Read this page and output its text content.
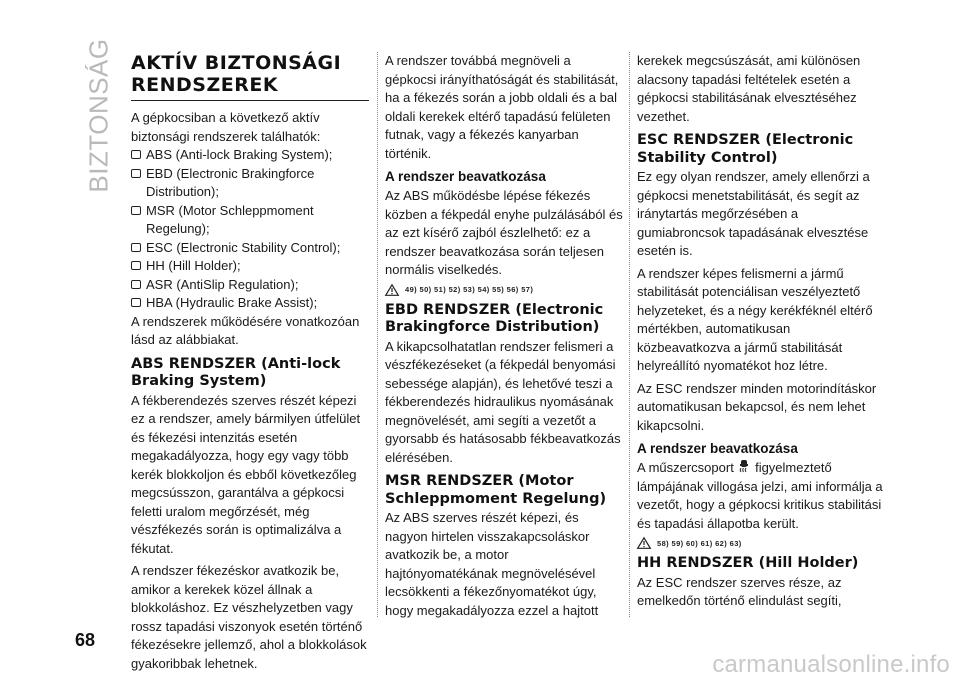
BIZTONSÁG AKTÍV BIZTONSÁGI RENDSZEREK

A gépkocsiban a következő aktív biztonsági rendszerek találhatók:

ABS (Anti-lock Braking System);

EBD (Electronic Brakingforce Distribution);

MSR (Motor Schleppmoment Regelung);

ESC (Electronic Stability Control);

HH (Hill Holder);

ASR (AntiSlip Regulation);

HBA (Hydraulic Brake Assist);

A rendszerek működésére vonatkozóan lásd az alábbiakat.

ABS RENDSZER (Anti-lock Braking System)

A fékberendezés szerves részét képezi ez a rendszer, amely bármilyen útfelület és fékezési intenzitás esetén megakadályozza, hogy egy vagy több kerék blokkoljon és ebből következőleg megcsússzon, garantálva a gépkocsi feletti uralom megőrzését, még vészfékezés során is optimalizálva a fékutat.

A rendszer fékezéskor avatkozik be, amikor a kerekek közel állnak a blokkoláshoz. Ez vészhelyzetben vagy rossz tapadási viszonyok esetén történő fékezésekre jellemző, ahol a blokkolások gyakoribbak lehetnek.

A rendszer továbbá megnöveli a gépkocsi irányíthatóságát és stabilitását, ha a fékezés során a jobb oldali és a bal oldali kerekek eltérő tapadású felületen futnak, vagy a fékezés kanyarban történik.

A rendszer beavatkozása

Az ABS működésbe lépése fékezés közben a fékpedál enyhe pulzálásából és az ezt kísérő zajból észlelhető: ez a rendszer beavatkozása során teljesen normális viselkedés.

49) 50) 51) 52) 53) 54) 55) 56) 57)
EBD RENDSZER (Electronic Brakingforce Distribution)

A kikapcsolhatatlan rendszer felismeri a vészfékezéseket (a fékpedál benyomási sebessége alapján), és lehetővé teszi a fékberendezés hidraulikus nyomásának megnövelését, ami segíti a vezetőt a gyorsabb és hatásosabb fékbeavatkozás elérésében.

MSR RENDSZER (Motor Schleppmoment Regelung)

Az ABS szerves részét képezi, és nagyon hirtelen visszakapcsoláskor avatkozik be, a motor hajtónyomatékának megnövelésével lecsökkenti a fékezőnyomatékot úgy, hogy megakadályozza ezzel a hajtott

kerekek megcsúszását, ami különösen alacsony tapadási feltételek esetén a gépkocsi stabilitásának elvesztéséhez vezethet.

ESC RENDSZER (Electronic Stability Control)

Ez egy olyan rendszer, amely ellenőrzi a gépkocsi menetstabilitását, és segít az iránytartás megőrzésében a gumiabroncsok tapadásának elvesztése esetén is.

A rendszer képes felismerni a jármű stabilitását potenciálisan veszélyeztető helyzeteket, és a négy kerékféknél eltérő mértékben, automatikusan közbeavatkozva a jármű stabilitását helyreállító nyomatékot hoz létre.

Az ESC rendszer minden motorindításkor automatikusan bekapcsol, és nem lehet kikapcsolni.

A rendszer beavatkozása

A műszercsoport figyelmeztető lámpájának villogása jelzi, ami informálja a vezetőt, hogy a gépkocsi kritikus stabilitási és tapadási állapotba került.

58) 59) 60) 61) 62) 63)
HH RENDSZER (Hill Holder)

Az ESC rendszer szerves része, az emelkedőn történő elindulást segíti,

68
carmanualsonline.info
